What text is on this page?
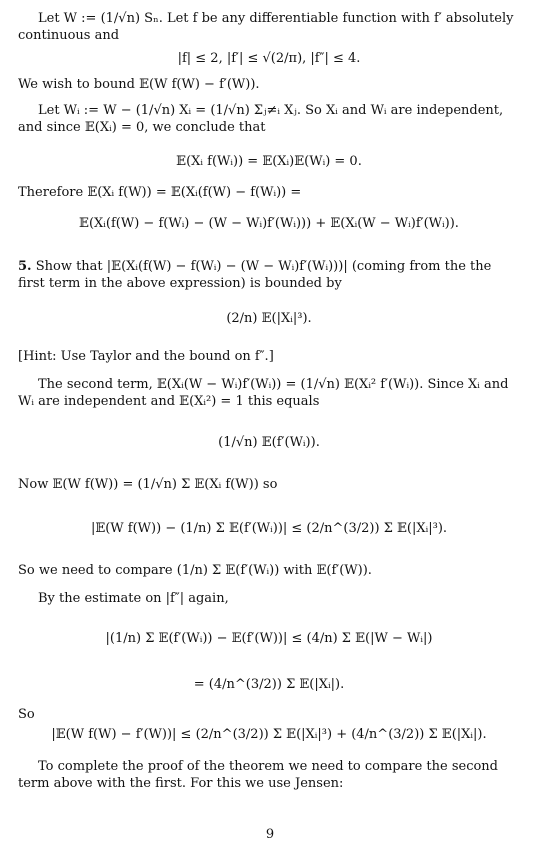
Let W := (1/√n) Sₙ. Let f be any differentiable function with f′ absolutely continuous and

|f| ≤ 2, |f′| ≤ √(2/π), |f″| ≤ 4.

We wish to bound 𝔼(W f(W) − f′(W)).

Let Wᵢ := W − (1/√n) Xᵢ = (1/√n) Σⱼ≠ᵢ Xⱼ. So Xᵢ and Wᵢ are independent, and since 𝔼(Xᵢ) = 0, we conclude that

𝔼(Xᵢ f(Wᵢ)) = 𝔼(Xᵢ)𝔼(Wᵢ) = 0.

Therefore 𝔼(Xᵢ f(W)) = 𝔼(Xᵢ(f(W) − f(Wᵢ)) =

𝔼(Xᵢ(f(W) − f(Wᵢ) − (W − Wᵢ)f′(Wᵢ))) + 𝔼(Xᵢ(W − Wᵢ)f′(Wᵢ)).

5. Show that |𝔼(Xᵢ(f(W) − f(Wᵢ) − (W − Wᵢ)f′(Wᵢ)))| (coming from the the first term in the above expression) is bounded by

(2/n) 𝔼(|Xᵢ|³).

[Hint: Use Taylor and the bound on f″.]

The second term, 𝔼(Xᵢ(W − Wᵢ)f′(Wᵢ)) = (1/√n) 𝔼(Xᵢ² f′(Wᵢ)). Since Xᵢ and Wᵢ are independent and 𝔼(Xᵢ²) = 1 this equals

(1/√n) 𝔼(f′(Wᵢ)).

Now 𝔼(W f(W)) = (1/√n) Σ 𝔼(Xᵢ f(W)) so

|𝔼(W f(W)) − (1/n) Σ 𝔼(f′(Wᵢ))| ≤ (2/n^(3/2)) Σ 𝔼(|Xᵢ|³).

So we need to compare (1/n) Σ 𝔼(f′(Wᵢ)) with 𝔼(f′(W)).

By the estimate on |f″| again,

|(1/n) Σ 𝔼(f′(Wᵢ)) − 𝔼(f′(W))| ≤ (4/n) Σ 𝔼(|W − Wᵢ|)
= (4/n^(3/2)) Σ 𝔼(|Xᵢ|).

So

|𝔼(W f(W) − f′(W))| ≤ (2/n^(3/2)) Σ 𝔼(|Xᵢ|³) + (4/n^(3/2)) Σ 𝔼(|Xᵢ|).

To complete the proof of the theorem we need to compare the second term above with the first. For this we use Jensen:

9
